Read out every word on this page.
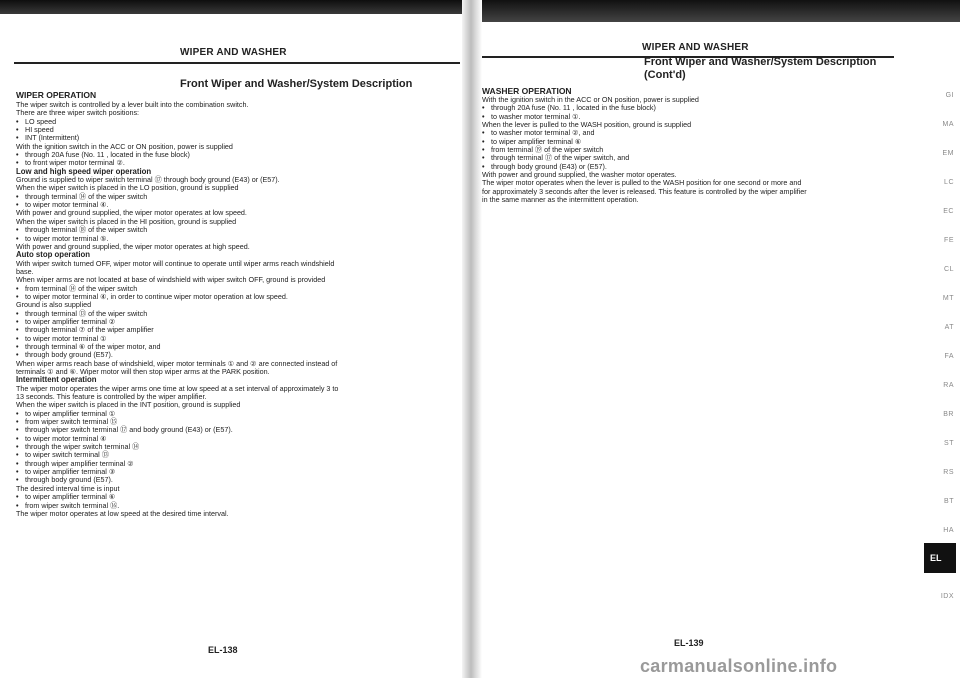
WIPER AND WASHER
Front Wiper and Washer/System Description
WIPER OPERATION
The wiper switch is controlled by a lever built into the combination switch.
There are three wiper switch positions:
• LO speed
• HI speed
• INT (Intermittent)
With the ignition switch in the ACC or ON position, power is supplied
• through 20A fuse (No. 11 , located in the fuse block)
• to front wiper motor terminal ②.
Low and high speed wiper operation
Ground is supplied to wiper switch terminal ⑰ through body ground (E43) or (E57).
When the wiper switch is placed in the LO position, ground is supplied
• through terminal ⑭ of the wiper switch
• to wiper motor terminal ④.
With power and ground supplied, the wiper motor operates at low speed.
When the wiper switch is placed in the HI position, ground is supplied
• through terminal ⑱ of the wiper switch
• to wiper motor terminal ⑤.
With power and ground supplied, the wiper motor operates at high speed.
Auto stop operation
With wiper switch turned OFF, wiper motor will continue to operate until wiper arms reach windshield
base.
When wiper arms are not located at base of windshield with wiper switch OFF, ground is provided
• from terminal ⑭ of the wiper switch
• to wiper motor terminal ④, in order to continue wiper motor operation at low speed.
Ground is also supplied
• through terminal ⑬ of the wiper switch
• to wiper amplifier terminal ②
• through terminal ⑦ of the wiper amplifier
• to wiper motor terminal ①
• through terminal ⑥ of the wiper motor, and
• through body ground (E57).
When wiper arms reach base of windshield, wiper motor terminals ① and ② are connected instead of
terminals ① and ⑥. Wiper motor will then stop wiper arms at the PARK position.
Intermittent operation
The wiper motor operates the wiper arms one time at low speed at a set interval of approximately 3 to
13 seconds. This feature is controlled by the wiper amplifier.
When the wiper switch is placed in the INT position, ground is supplied
• to wiper amplifier terminal ①
• from wiper switch terminal ⑮
• through wiper switch terminal ⑰ and body ground (E43) or (E57).
• to wiper motor terminal ④
• through the wiper switch terminal ⑭
• to wiper switch terminal ⑬
• through wiper amplifier terminal ②
• to wiper amplifier terminal ③
• through body ground (E57).
The desired interval time is input
• to wiper amplifier terminal ⑥
• from wiper switch terminal ⑯.
The wiper motor operates at low speed at the desired time interval.
EL-138
WIPER AND WASHER
Front Wiper and Washer/System Description
(Cont'd)
WASHER OPERATION
With the ignition switch in the ACC or ON position, power is supplied
• through 20A fuse (No. 11 , located in the fuse block)
• to washer motor terminal ①.
When the lever is pulled to the WASH position, ground is supplied
• to washer motor terminal ②, and
• to wiper amplifier terminal ⑥
• from terminal ⑲ of the wiper switch
• through terminal ⑰ of the wiper switch, and
• through body ground (E43) or (E57).
With power and ground supplied, the washer motor operates.
The wiper motor operates when the lever is pulled to the WASH position for one second or more and
for approximately 3 seconds after the lever is released. This feature is controlled by the wiper amplifier
in the same manner as the intermittent operation.
EL-139
GI
MA
EM
LC
EC
FE
CL
MT
AT
FA
RA
BR
ST
RS
BT
HA
EL
IDX
carmanualsonline.info
